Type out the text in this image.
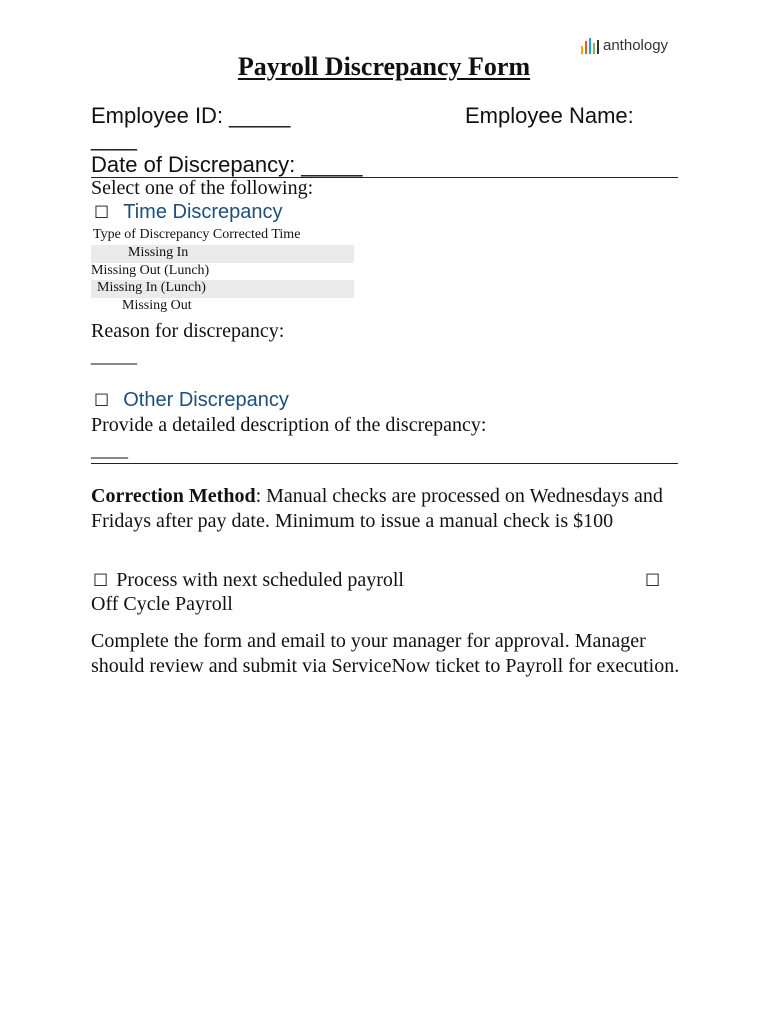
anthology
Payroll Discrepancy Form
Employee ID: _____	Employee Name:
____
Date of Discrepancy: _____
Select one of the following:
☐ Time Discrepancy
Type of Discrepancy Corrected Time
Missing In
Missing Out (Lunch)
Missing In (Lunch)
Missing Out
Reason for discrepancy:
_____
☐ Other Discrepancy
Provide a detailed description of the discrepancy:
____
Correction Method: Manual checks are processed on Wednesdays and Fridays after pay date. Minimum to issue a manual check is $100
☐ Process with next scheduled payroll	☐
Off Cycle Payroll
Complete the form and email to your manager for approval. Manager should review and submit via ServiceNow ticket to Payroll for execution.
